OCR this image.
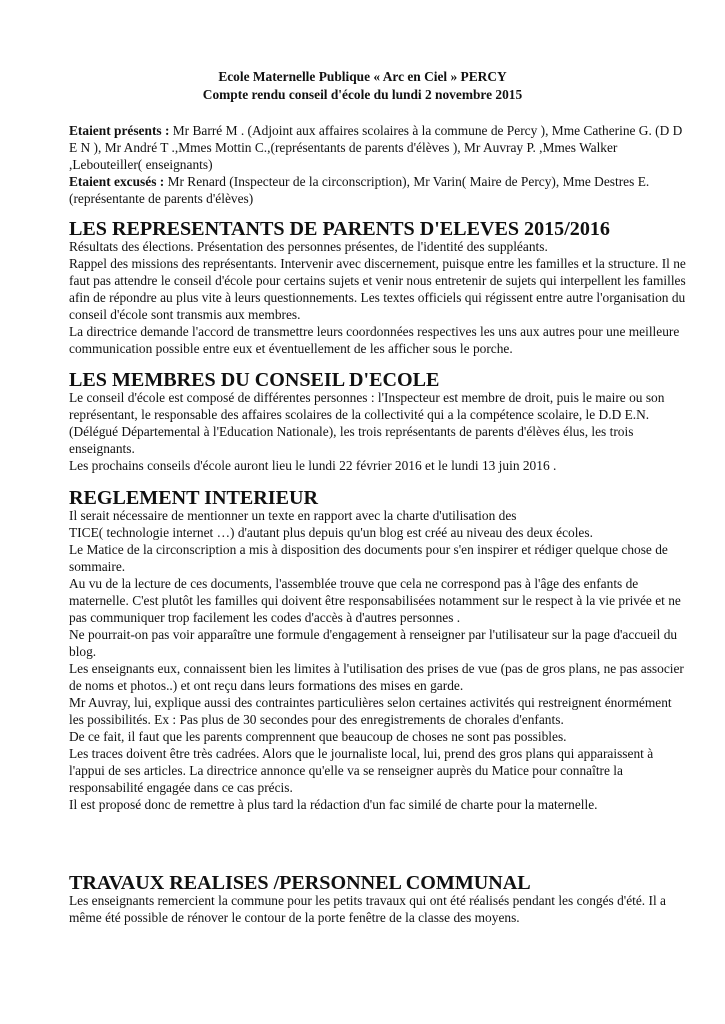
Ecole Maternelle Publique « Arc en Ciel » PERCY
Compte rendu conseil d'école du lundi 2 novembre 2015

Etaient présents : Mr Barré M . (Adjoint aux affaires scolaires à la commune de Percy ), Mme Catherine G. (D D E N ), Mr André T .,Mmes Mottin C.,(représentants de parents d'élèves ), Mr Auvray P. ,Mmes Walker ,Lebouteiller( enseignants)

Etaient excusés : Mr Renard (Inspecteur de la circonscription), Mr Varin( Maire de Percy), Mme Destres E.(représentante de parents d'élèves)

LES REPRESENTANTS DE PARENTS D'ELEVES 2015/2016

Résultats des élections. Présentation des personnes présentes, de l'identité des suppléants.

Rappel des missions des représentants. Intervenir avec discernement, puisque entre les familles et la structure. Il ne faut pas attendre le conseil d'école pour certains sujets et venir nous entretenir de sujets qui interpellent les familles afin de répondre au plus vite à leurs questionnements. Les textes officiels qui régissent entre autre l'organisation du conseil d'école sont transmis aux membres.

La directrice demande l'accord de transmettre leurs coordonnées respectives les uns aux autres pour une meilleure communication possible entre eux et éventuellement de les afficher sous le porche.

LES MEMBRES DU CONSEIL D'ECOLE

Le conseil d'école est composé de différentes personnes : l'Inspecteur est membre de droit, puis le maire ou son représentant, le responsable des affaires scolaires de la collectivité qui a la compétence scolaire, le D.D E.N. (Délégué Départemental à l'Education Nationale), les trois représentants de parents d'élèves élus, les trois enseignants.

Les prochains conseils d'école auront lieu le lundi 22 février 2016 et le lundi 13 juin 2016 .

REGLEMENT INTERIEUR

Il serait nécessaire de mentionner un texte en rapport avec la charte d'utilisation des

TICE( technologie internet …) d'autant plus depuis qu'un blog est créé au niveau des deux écoles.

Le Matice de la circonscription a mis à disposition des documents pour s'en inspirer et rédiger quelque chose de sommaire.

Au vu de la lecture de ces documents, l'assemblée trouve que cela ne correspond pas à l'âge des enfants de maternelle. C'est plutôt les familles qui doivent être responsabilisées notamment sur le respect à la vie privée et ne pas communiquer trop facilement les codes d'accès à d'autres personnes .

Ne pourrait-on pas voir apparaître une formule d'engagement à renseigner par l'utilisateur sur la page d'accueil du blog.

Les enseignants eux, connaissent bien les limites à l'utilisation des prises de vue (pas de gros plans, ne pas associer de noms et photos..) et ont reçu dans leurs formations des mises en garde.

Mr Auvray, lui, explique aussi des contraintes particulières selon certaines activités qui restreignent énormément les possibilités. Ex : Pas plus de 30 secondes pour des enregistrements de chorales d'enfants.

De ce fait, il faut que les parents comprennent que beaucoup de choses ne sont pas possibles.

Les traces doivent être très cadrées. Alors que le journaliste local, lui, prend des gros plans qui apparaissent à l'appui de ses articles. La directrice annonce qu'elle va se renseigner auprès du Matice pour connaître la responsabilité engagée dans ce cas précis.

Il est proposé donc de remettre à plus tard la rédaction d'un fac similé de charte pour la maternelle.

TRAVAUX REALISES /PERSONNEL COMMUNAL

Les enseignants remercient la commune pour les petits travaux qui ont été réalisés pendant les congés d'été. Il a même été possible de rénover le contour de la porte fenêtre de la classe des moyens.
